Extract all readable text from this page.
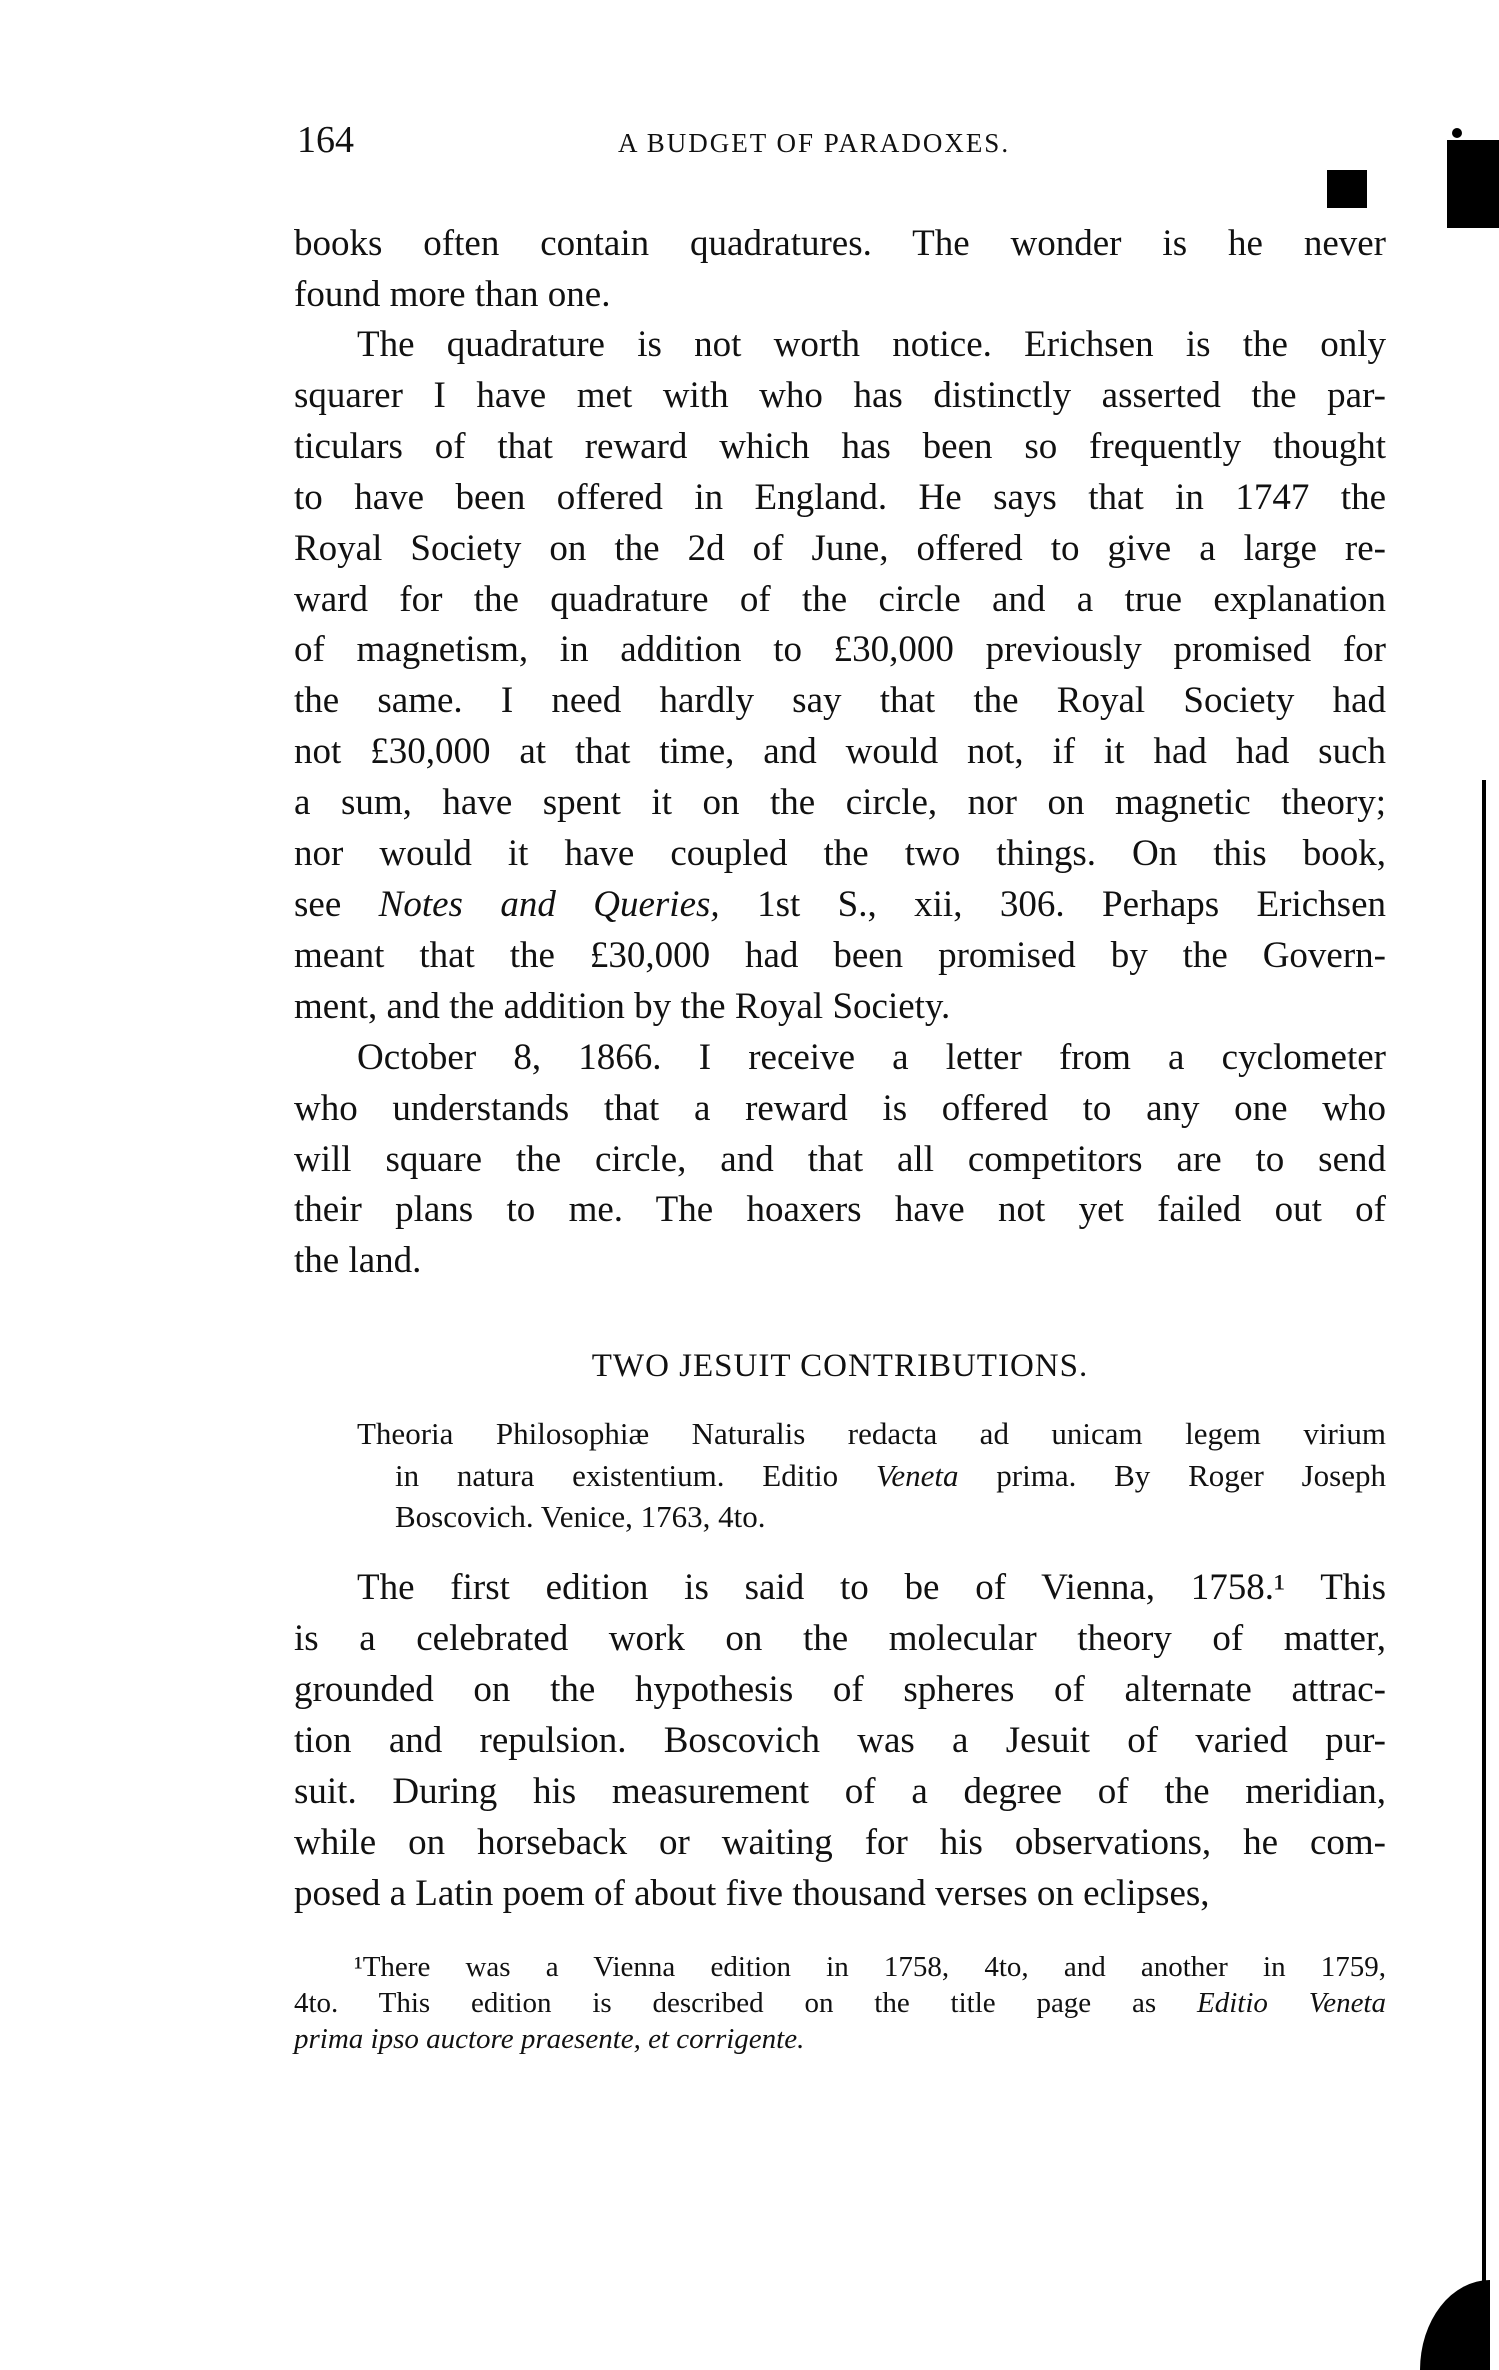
164	A BUDGET OF PARADOXES.
TWO JESUIT CONTRIBUTIONS.
books often contain quadratures. The wonder is he never
found more than one.
The quadrature is not worth notice. Erichsen is the only
squarer I have met with who has distinctly asserted the par-
ticulars of that reward which has been so frequently thought
to have been offered in England. He says that in 1747 the
Royal Society on the 2d of June, offered to give a large re-
ward for the quadrature of the circle and a true explanation
of magnetism, in addition to £30,000 previously promised for
the same. I need hardly say that the Royal Society had
not £30,000 at that time, and would not, if it had had such
a sum, have spent it on the circle, nor on magnetic theory;
nor would it have coupled the two things. On this book,
see Notes and Queries, 1st S., xii, 306. Perhaps Erichsen
meant that the £30,000 had been promised by the Govern-
ment, and the addition by the Royal Society.
October 8, 1866. I receive a letter from a cyclometer
who understands that a reward is offered to any one who
will square the circle, and that all competitors are to send
their plans to me. The hoaxers have not yet failed out of
the land.
Theoria Philosophiæ Naturalis redacta ad unicam legem virium
in natura existentium. Editio Veneta prima. By Roger Joseph
Boscovich. Venice, 1763, 4to.
The first edition is said to be of Vienna, 1758.¹ This
is a celebrated work on the molecular theory of matter,
grounded on the hypothesis of spheres of alternate attrac-
tion and repulsion. Boscovich was a Jesuit of varied pur-
suit. During his measurement of a degree of the meridian,
while on horseback or waiting for his observations, he com-
posed a Latin poem of about five thousand verses on eclipses,
¹There was a Vienna edition in 1758, 4to, and another in 1759,
4to. This edition is described on the title page as Editio Veneta
prima ipso auctore praesente, et corrigente.
